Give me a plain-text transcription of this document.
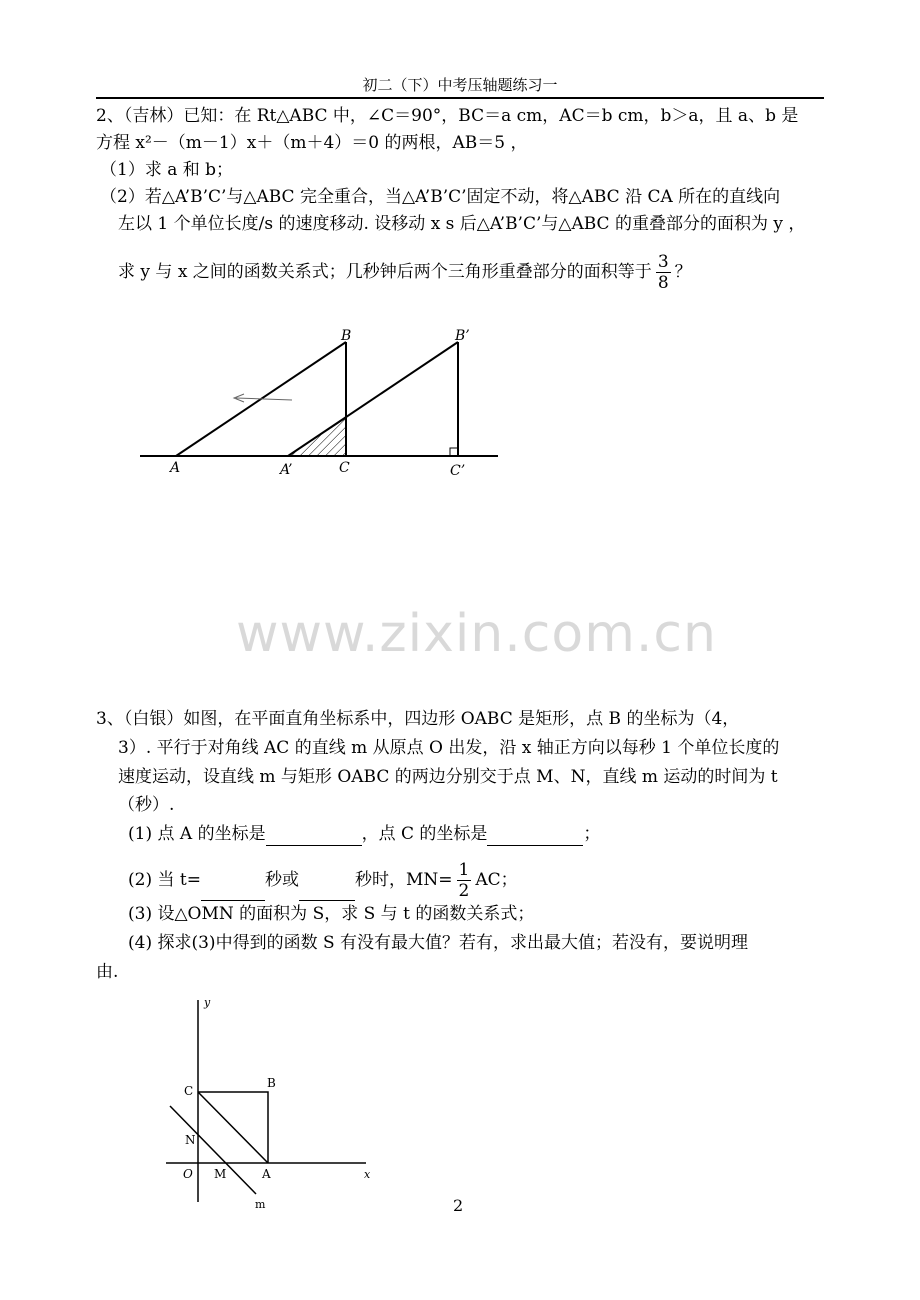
初二（下）中考压轴题练习一
2、（吉林）已知：在 Rt△ABC 中，∠C＝90°，BC＝a cm，AC＝b cm，b＞a，且 a、b 是
方程 x²－（m－1）x＋（m＋4）＝0 的两根，AB＝5 ，
（1）求 a 和 b；
（2）若△A’B’C’与△ABC 完全重合，当△A’B’C’固定不动，将△ABC 沿 CA 所在的直线向
左以 1 个单位长度/s 的速度移动. 设移动 x s 后△A’B’C’与△ABC 的重叠部分的面积为 y ，
求 y 与 x 之间的函数关系式；几秒钟后两个三角形重叠部分的面积等于 $\frac{3}{8}$ ？
B	B’
A	A’	C	C’
www.zixin.com.cn
3、（白银）如图，在平面直角坐标系中，四边形 OABC 是矩形，点 B 的坐标为（4，
3）. 平行于对角线 AC 的直线 m 从原点 O 出发，沿 x 轴正方向以每秒 1 个单位长度的
速度运动，设直线 m 与矩形 OABC 的两边分别交于点 M、N，直线 m 运动的时间为 t
（秒）.
(1) 点 A 的坐标是	，点 C 的坐标是	；
(2) 当 t=	秒或	秒时，$MN= \frac{1}{2}$ AC；
(3) 设△OMN 的面积为 S，求 S 与 t 的函数关系式；
(4) 探求(3)中得到的函数 S 有没有最大值？若有，求出最大值；若没有，要说明理
由.
y
x
O	A
B
C
M
N
m	2
